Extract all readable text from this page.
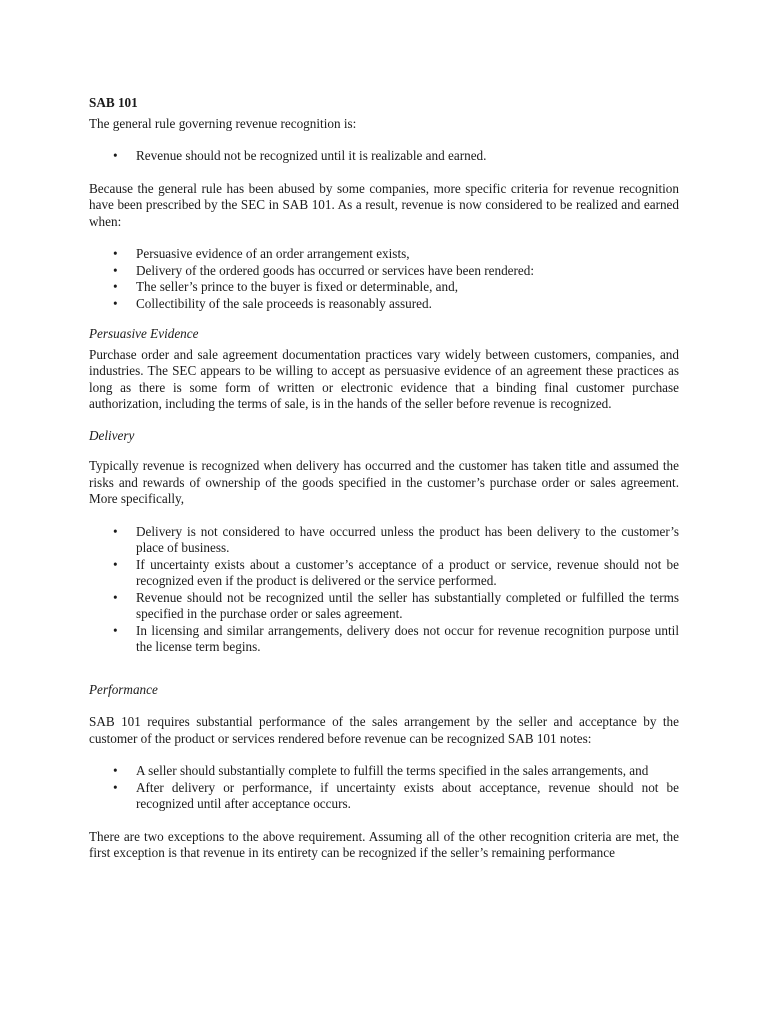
SAB 101

The general rule governing revenue recognition is:

• Revenue should not be recognized until it is realizable and earned.

Because the general rule has been abused by some companies, more specific criteria for revenue recognition have been prescribed by the SEC in SAB 101. As a result, revenue is now considered to be realized and earned when:

• Persuasive evidence of an order arrangement exists,
• Delivery of the ordered goods has occurred or services have been rendered:
• The seller’s prince to the buyer is fixed or determinable, and,
• Collectibility of the sale proceeds is reasonably assured.

Persuasive Evidence

Purchase order and sale agreement documentation practices vary widely between customers, companies, and industries. The SEC appears to be willing to accept as persuasive evidence of an agreement these practices as long as there is some form of written or electronic evidence that a binding final customer purchase authorization, including the terms of sale, is in the hands of the seller before revenue is recognized.

Delivery

Typically revenue is recognized when delivery has occurred and the customer has taken title and assumed the risks and rewards of ownership of the goods specified in the customer’s purchase order or sales agreement. More specifically,

• Delivery is not considered to have occurred unless the product has been delivery to the customer’s place of business.
• If uncertainty exists about a customer’s acceptance of a product or service, revenue should not be recognized even if the product is delivered or the service performed.
• Revenue should not be recognized until the seller has substantially completed or fulfilled the terms specified in the purchase order or sales agreement.
• In licensing and similar arrangements, delivery does not occur for revenue recognition purpose until the license term begins.

Performance

SAB 101 requires substantial performance of the sales arrangement by the seller and acceptance by the customer of the product or services rendered before revenue can be recognized SAB 101 notes:

• A seller should substantially complete to fulfill the terms specified in the sales arrangements, and
• After delivery or performance, if uncertainty exists about acceptance, revenue should not be recognized until after acceptance occurs.

There are two exceptions to the above requirement. Assuming all of the other recognition criteria are met, the first exception is that revenue in its entirety can be recognized if the seller’s remaining performance
